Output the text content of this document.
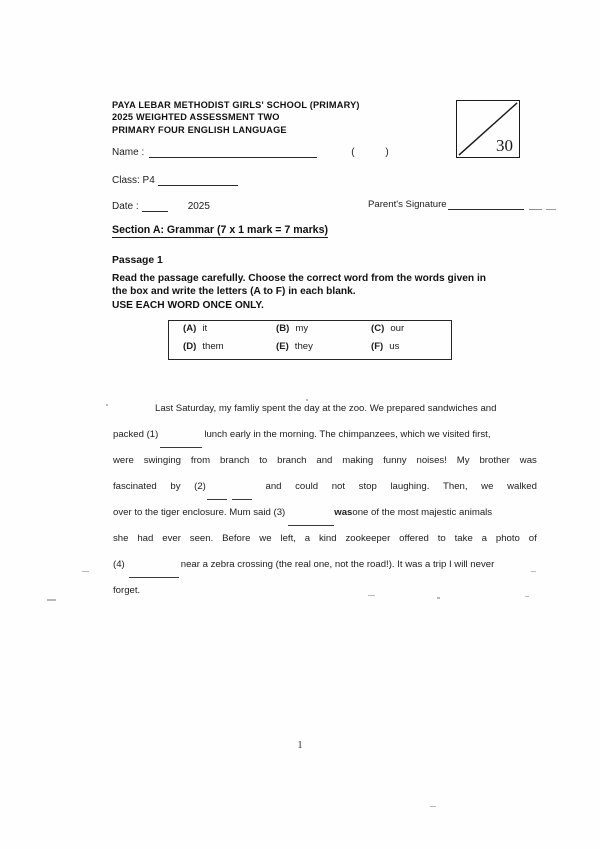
PAYA LEBAR METHODIST GIRLS' SCHOOL (PRIMARY)
2025 WEIGHTED ASSESSMENT TWO
PRIMARY FOUR ENGLISH LANGUAGE
30
Name :	( )
Class: P4
Date :	2025	Parent's Signature
Section A: Grammar (7 x 1 mark = 7 marks)
Passage 1
Read the passage carefully. Choose the correct word from the words given in
the box and write the letters (A to F) in each blank.
USE EACH WORD ONCE ONLY.
(A) it	(B) my	(C) our
(D) them	(E) they	(F) us
Last Saturday, my famliy spent the day at the zoo. We prepared sandwiches and
packed (1)	lunch early in the morning. The chimpanzees, which we visited first,
were swinging from branch to branch and making funny noises! My brother was
fascinated by (2)	and could not stop laughing. Then, we walked
over to the tiger enclosure. Mum said (3)	wasone of the most majestic animals
she had ever seen. Before we left, a kind zookeeper offered to take a photo of
(4)	near a zebra crossing (the real one, not the road!). It was a trip I will never
forget.
1
